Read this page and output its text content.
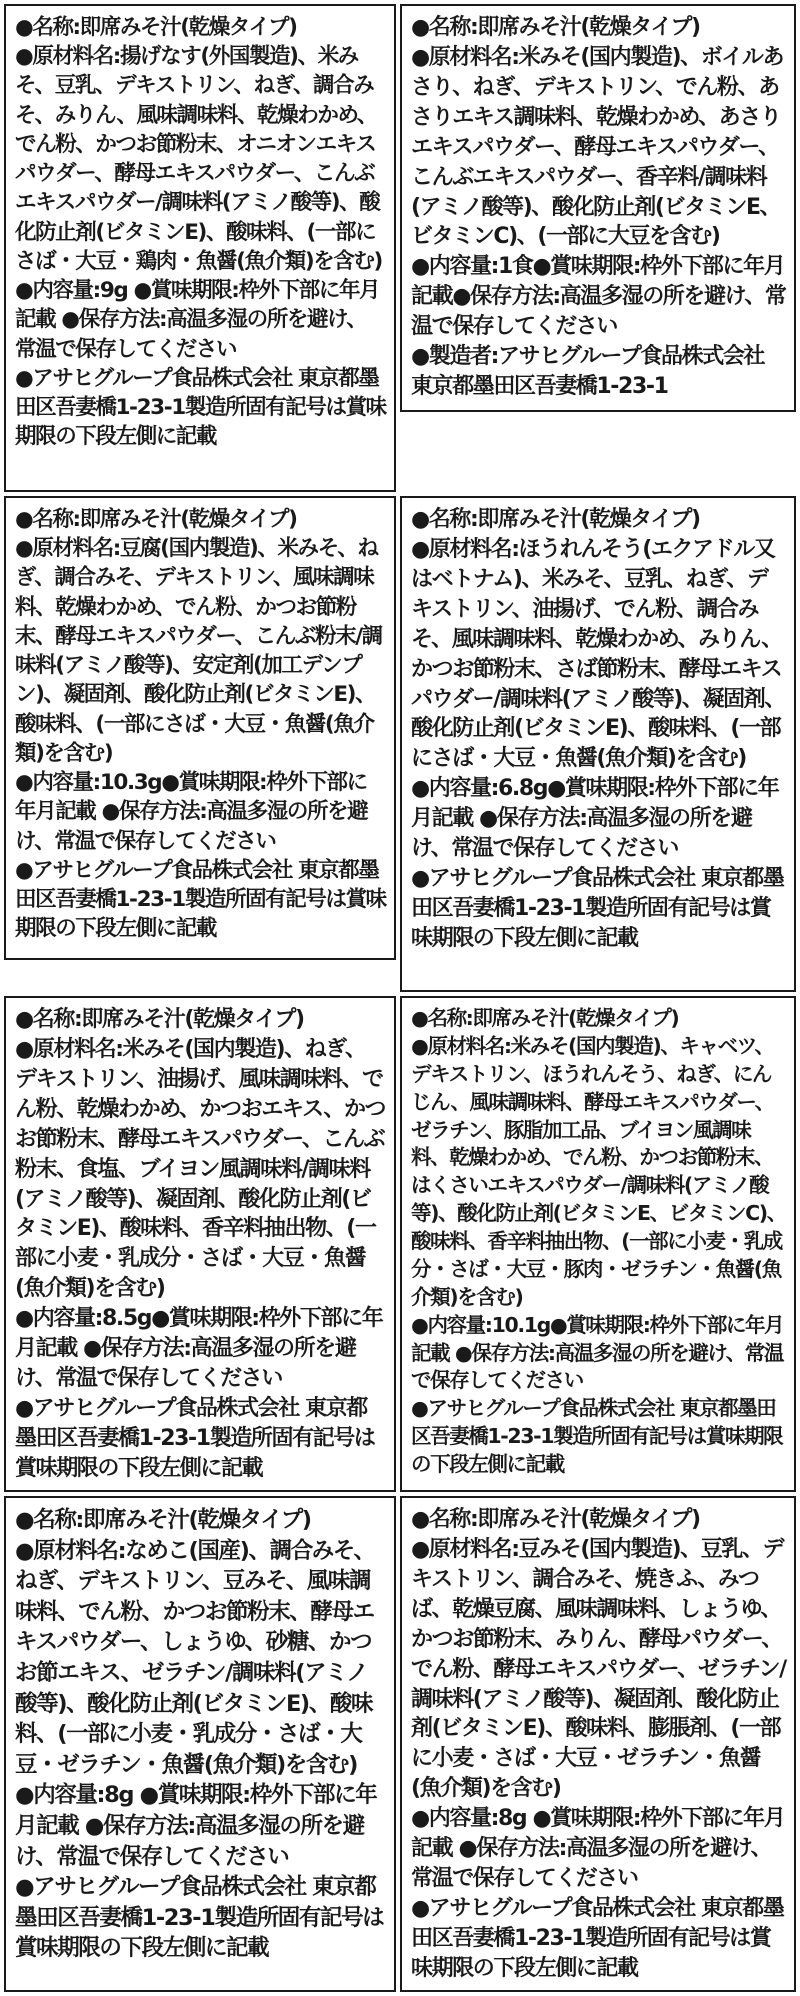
●名称:即席みそ汁(乾燥タイプ)

●原材料名:揚げなす(外国製造)、米みそ、豆乳、デキストリン、ねぎ、調合みそ、みりん、風味調味料、乾燥わかめ、でん粉、かつお節粉末、オニオンエキスパウダー、酵母エキスパウダー、こんぶエキスパウダー/調味料(アミノ酸等)、酸化防止剤(ビタミンE)、酸味料、(一部にさば・大豆・鶏肉・魚醤(魚介類)を含む)

●内容量:9g ●賞味期限:枠外下部に年月記載 ●保存方法:高温多湿の所を避け、常温で保存してください

●アサヒグループ食品株式会社 東京都墨田区吾妻橋1-23-1製造所固有記号は賞味期限の下段左側に記載

●名称:即席みそ汁(乾燥タイプ)

●原材料名:米みそ(国内製造)、ボイルあさり、ねぎ、デキストリン、でん粉、あさりエキス調味料、乾燥わかめ、あさりエキスパウダー、酵母エキスパウダー、こんぶエキスパウダー、香辛料/調味料(アミノ酸等)、酸化防止剤(ビタミンE、ビタミンC)、(一部に大豆を含む)

●内容量:1食●賞味期限:枠外下部に年月記載●保存方法:高温多湿の所を避け、常温で保存してください

●製造者:アサヒグループ食品株式会社 東京都墨田区吾妻橋1-23-1

●名称:即席みそ汁(乾燥タイプ)

●原材料名:豆腐(国内製造)、米みそ、ねぎ、調合みそ、デキストリン、風味調味料、乾燥わかめ、でん粉、かつお節粉末、酵母エキスパウダー、こんぶ粉末/調味料(アミノ酸等)、安定剤(加工デンプン)、凝固剤、酸化防止剤(ビタミンE)、酸味料、(一部にさば・大豆・魚醤(魚介類)を含む)

●内容量:10.3g●賞味期限:枠外下部に年月記載 ●保存方法:高温多湿の所を避け、常温で保存してください

●アサヒグループ食品株式会社 東京都墨田区吾妻橋1-23-1製造所固有記号は賞味期限の下段左側に記載

●名称:即席みそ汁(乾燥タイプ)

●原材料名:ほうれんそう(エクアドル又はベトナム)、米みそ、豆乳、ねぎ、デキストリン、油揚げ、でん粉、調合みそ、風味調味料、乾燥わかめ、みりん、かつお節粉末、さば節粉末、酵母エキスパウダー/調味料(アミノ酸等)、凝固剤、酸化防止剤(ビタミンE)、酸味料、(一部にさば・大豆・魚醤(魚介類)を含む)

●内容量:6.8g●賞味期限:枠外下部に年月記載 ●保存方法:高温多湿の所を避け、常温で保存してください

●アサヒグループ食品株式会社 東京都墨田区吾妻橋1-23-1製造所固有記号は賞味期限の下段左側に記載

●名称:即席みそ汁(乾燥タイプ)

●原材料名:米みそ(国内製造)、ねぎ、デキストリン、油揚げ、風味調味料、でん粉、乾燥わかめ、かつおエキス、かつお節粉末、酵母エキスパウダー、こんぶ粉末、食塩、ブイヨン風調味料/調味料(アミノ酸等)、凝固剤、酸化防止剤(ビタミンE)、酸味料、香辛料抽出物、(一部に小麦・乳成分・さば・大豆・魚醤(魚介類)を含む)

●内容量:8.5g●賞味期限:枠外下部に年月記載 ●保存方法:高温多湿の所を避け、常温で保存してください

●アサヒグループ食品株式会社 東京都墨田区吾妻橋1-23-1製造所固有記号は賞味期限の下段左側に記載

●名称:即席みそ汁(乾燥タイプ)

●原材料名:米みそ(国内製造)、キャベツ、デキストリン、ほうれんそう、ねぎ、にんじん、風味調味料、酵母エキスパウダー、ゼラチン、豚脂加工品、ブイヨン風調味料、乾燥わかめ、でん粉、かつお節粉末、はくさいエキスパウダー/調味料(アミノ酸等)、酸化防止剤(ビタミンE、ビタミンC)、酸味料、香辛料抽出物、(一部に小麦・乳成分・さば・大豆・豚肉・ゼラチン・魚醤(魚介類)を含む)

●内容量:10.1g●賞味期限:枠外下部に年月記載 ●保存方法:高温多湿の所を避け、常温で保存してください

●アサヒグループ食品株式会社 東京都墨田区吾妻橋1-23-1製造所固有記号は賞味期限の下段左側に記載

●名称:即席みそ汁(乾燥タイプ)

●原材料名:なめこ(国産)、調合みそ、ねぎ、デキストリン、豆みそ、風味調味料、でん粉、かつお節粉末、酵母エキスパウダー、しょうゆ、砂糖、かつお節エキス、ゼラチン/調味料(アミノ酸等)、酸化防止剤(ビタミンE)、酸味料、(一部に小麦・乳成分・さば・大豆・ゼラチン・魚醤(魚介類)を含む)

●内容量:8g ●賞味期限:枠外下部に年月記載 ●保存方法:高温多湿の所を避け、常温で保存してください

●アサヒグループ食品株式会社 東京都墨田区吾妻橋1-23-1製造所固有記号は賞味期限の下段左側に記載

●名称:即席みそ汁(乾燥タイプ)

●原材料名:豆みそ(国内製造)、豆乳、デキストリン、調合みそ、焼きふ、みつば、乾燥豆腐、風味調味料、しょうゆ、かつお節粉末、みりん、酵母パウダー、でん粉、酵母エキスパウダー、ゼラチン/調味料(アミノ酸等)、凝固剤、酸化防止剤(ビタミンE)、酸味料、膨脹剤、(一部に小麦・さば・大豆・ゼラチン・魚醤(魚介類)を含む)

●内容量:8g ●賞味期限:枠外下部に年月記載 ●保存方法:高温多湿の所を避け、常温で保存してください

●アサヒグループ食品株式会社 東京都墨田区吾妻橋1-23-1製造所固有記号は賞味期限の下段左側に記載
